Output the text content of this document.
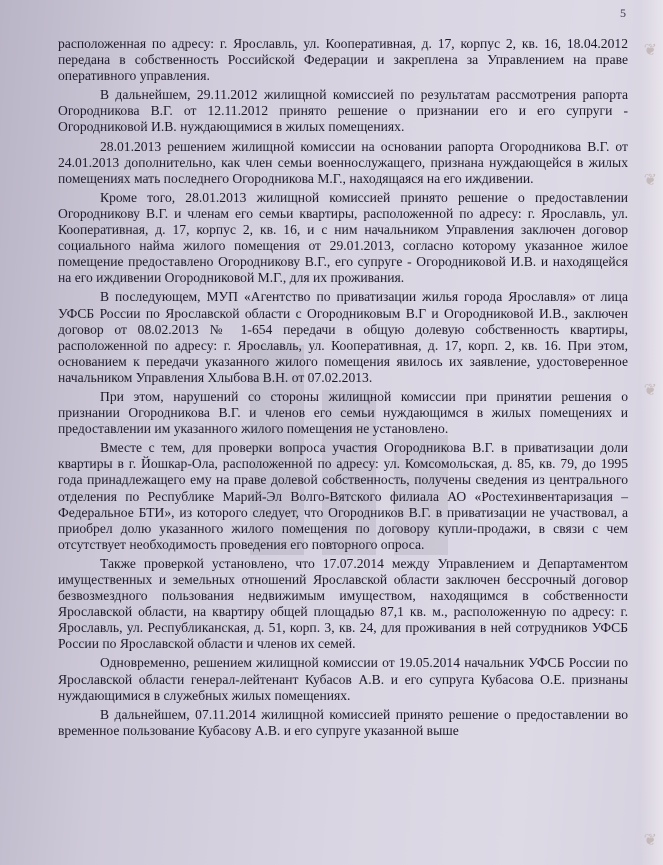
5

расположенная по адресу: г. Ярославль, ул. Кооперативная, д. 17, корпус 2, кв. 16, 18.04.2012 передана в собственность Российской Федерации и закреплена за Управлением на праве оперативного управления.

В дальнейшем, 29.11.2012 жилищной комиссией по результатам рассмотрения рапорта Огородникова В.Г. от 12.11.2012 принято решение о признании его и его супруги - Огородниковой И.В. нуждающимися в жилых помещениях.

28.01.2013 решением жилищной комиссии на основании рапорта Огородникова В.Г. от 24.01.2013 дополнительно, как член семьи военнослужащего, признана нуждающейся в жилых помещениях мать последнего Огородникова М.Г., находящаяся на его иждивении.

Кроме того, 28.01.2013 жилищной комиссией принято решение о предоставлении Огородникову В.Г. и членам его семьи квартиры, расположенной по адресу: г. Ярославль, ул. Кооперативная, д. 17, корпус 2, кв. 16, и с ним начальником Управления заключен договор социального найма жилого помещения от 29.01.2013, согласно которому указанное жилое помещение предоставлено Огородникову В.Г., его супруге - Огородниковой И.В. и находящейся на его иждивении Огородниковой М.Г., для их проживания.

В последующем, МУП «Агентство по приватизации жилья города Ярославля» от лица УФСБ России по Ярославской области с Огородниковым В.Г и Огородниковой И.В., заключен договор от 08.02.2013 № 1-654 передачи в общую долевую собственность квартиры, расположенной по адресу: г. Ярославль, ул. Кооперативная, д. 17, корп. 2, кв. 16. При этом, основанием к передачи указанного жилого помещения явилось их заявление, удостоверенное начальником Управления Хлыбова В.Н. от 07.02.2013.

При этом, нарушений со стороны жилищной комиссии при принятии решения о признании Огородникова В.Г. и членов его семьи нуждающимся в жилых помещениях и предоставлении им указанного жилого помещения не установлено.

Вместе с тем, для проверки вопроса участия Огородникова В.Г. в приватизации доли квартиры в г. Йошкар-Ола, расположенной по адресу: ул. Комсомольская, д. 85, кв. 79, до 1995 года принадлежащего ему на праве долевой собственность, получены сведения из центрального отделения по Республике Марий-Эл Волго-Вятского филиала АО «Ростехинвентаризация – Федеральное БТИ», из которого следует, что Огородников В.Г. в приватизации не участвовал, а приобрел долю указанного жилого помещения по договору купли-продажи, в связи с чем отсутствует необходимость проведения его повторного опроса.

Также проверкой установлено, что 17.07.2014 между Управлением и Департаментом имущественных и земельных отношений Ярославской области заключен бессрочный договор безвозмездного пользования недвижимым имуществом, находящимся в собственности Ярославской области, на квартиру общей площадью 87,1 кв. м., расположенную по адресу: г. Ярославль, ул. Республиканская, д. 51, корп. 3, кв. 24, для проживания в ней сотрудников УФСБ России по Ярославской области и членов их семей.

Одновременно, решением жилищной комиссии от 19.05.2014 начальник УФСБ России по Ярославской области генерал-лейтенант Кубасов А.В. и его супруга Кубасова О.Е. признаны нуждающимися в служебных жилых помещениях.

В дальнейшем, 07.11.2014 жилищной комиссией принято решение о предоставлении во временное пользование Кубасову А.В. и его супруге указанной выше

❦
❦
❦
❦
